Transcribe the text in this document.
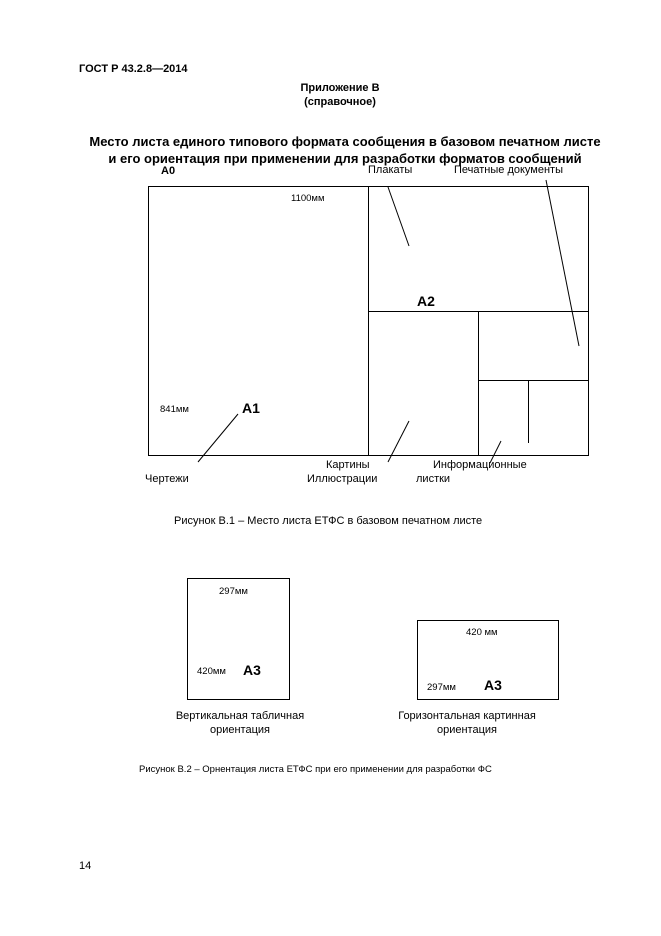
ГОСТ Р 43.2.8—2014
Приложение В
(справочное)
Место листа единого типового формата сообщения в базовом печатном листе
и его ориентация при применении для разработки форматов сообщений
А0
1100мм
841мм	А1
А2
Плакаты	Печатные документы
Чертежи
Картины
Иллюстрации
Информационные
листки
Рисунок В.1 – Место листа ЕТФС в базовом печатном листе
297мм
420мм А3
Вертикальная табличная
ориентация
420 мм
297мм А3
Горизонтальная картинная
ориентация
Рисунок В.2 – Орнентация листа ЕТФС при его применении для разработки ФС
14
